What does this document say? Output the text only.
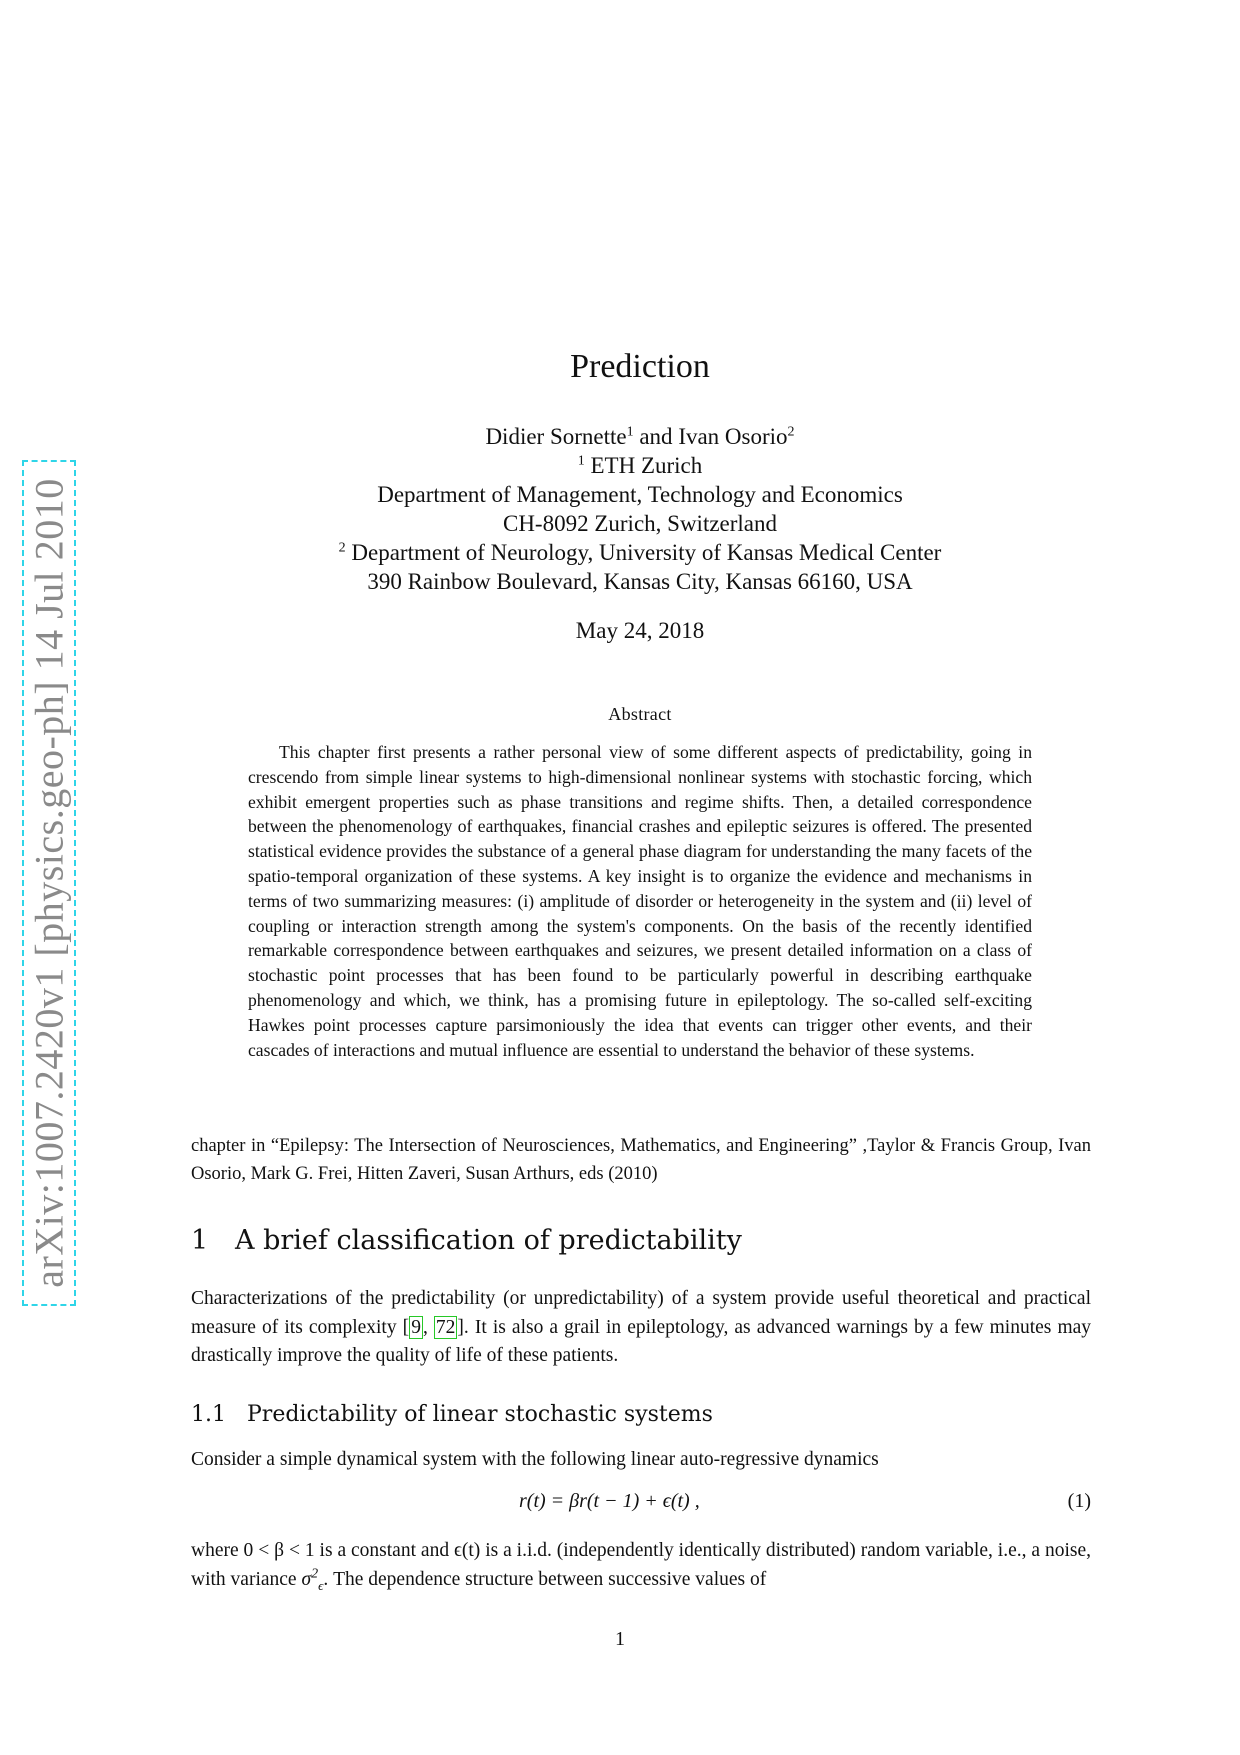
arXiv:1007.2420v1 [physics.geo-ph] 14 Jul 2010
Prediction
Didier Sornette$^1$ and Ivan Osorio$^2$
$^1$ ETH Zurich
Department of Management, Technology and Economics
CH-8092 Zurich, Switzerland
$^2$ Department of Neurology, University of Kansas Medical Center
390 Rainbow Boulevard, Kansas City, Kansas 66160, USA
May 24, 2018
Abstract
This chapter first presents a rather personal view of some different aspects of predictability, going in crescendo from simple linear systems to high-dimensional nonlinear systems with stochastic forcing, which exhibit emergent properties such as phase transitions and regime shifts. Then, a detailed correspondence between the phenomenology of earthquakes, financial crashes and epileptic seizures is offered. The presented statistical evidence provides the substance of a general phase diagram for understanding the many facets of the spatio-temporal organization of these systems. A key insight is to organize the evidence and mechanisms in terms of two summarizing measures: (i) amplitude of disorder or heterogeneity in the system and (ii) level of coupling or interaction strength among the system's components. On the basis of the recently identified remarkable correspondence between earthquakes and seizures, we present detailed information on a class of stochastic point processes that has been found to be particularly powerful in describing earthquake phenomenology and which, we think, has a promising future in epileptology. The so-called self-exciting Hawkes point processes capture parsimoniously the idea that events can trigger other events, and their cascades of interactions and mutual influence are essential to understand the behavior of these systems.
chapter in “Epilepsy: The Intersection of Neurosciences, Mathematics, and Engineering” ,Taylor & Francis Group, Ivan Osorio, Mark G. Frei, Hitten Zaveri, Susan Arthurs, eds (2010)
1 A brief classification of predictability
Characterizations of the predictability (or unpredictability) of a system provide useful theoretical and practical measure of its complexity [ 9 , 72 ]. It is also a grail in epileptology, as advanced warnings by a few minutes may drastically improve the quality of life of these patients.
1.1 Predictability of linear stochastic systems
Consider a simple dynamical system with the following linear auto-regressive dynamics
r(t) = βr(t − 1) + ϵ(t) ,	(1)
where 0 < β < 1 is a constant and ϵ(t) is a i.i.d. (independently identically distributed) random variable, i.e., a noise, with variance $\sigma^2_\epsilon$. The dependence structure between successive values of
1
